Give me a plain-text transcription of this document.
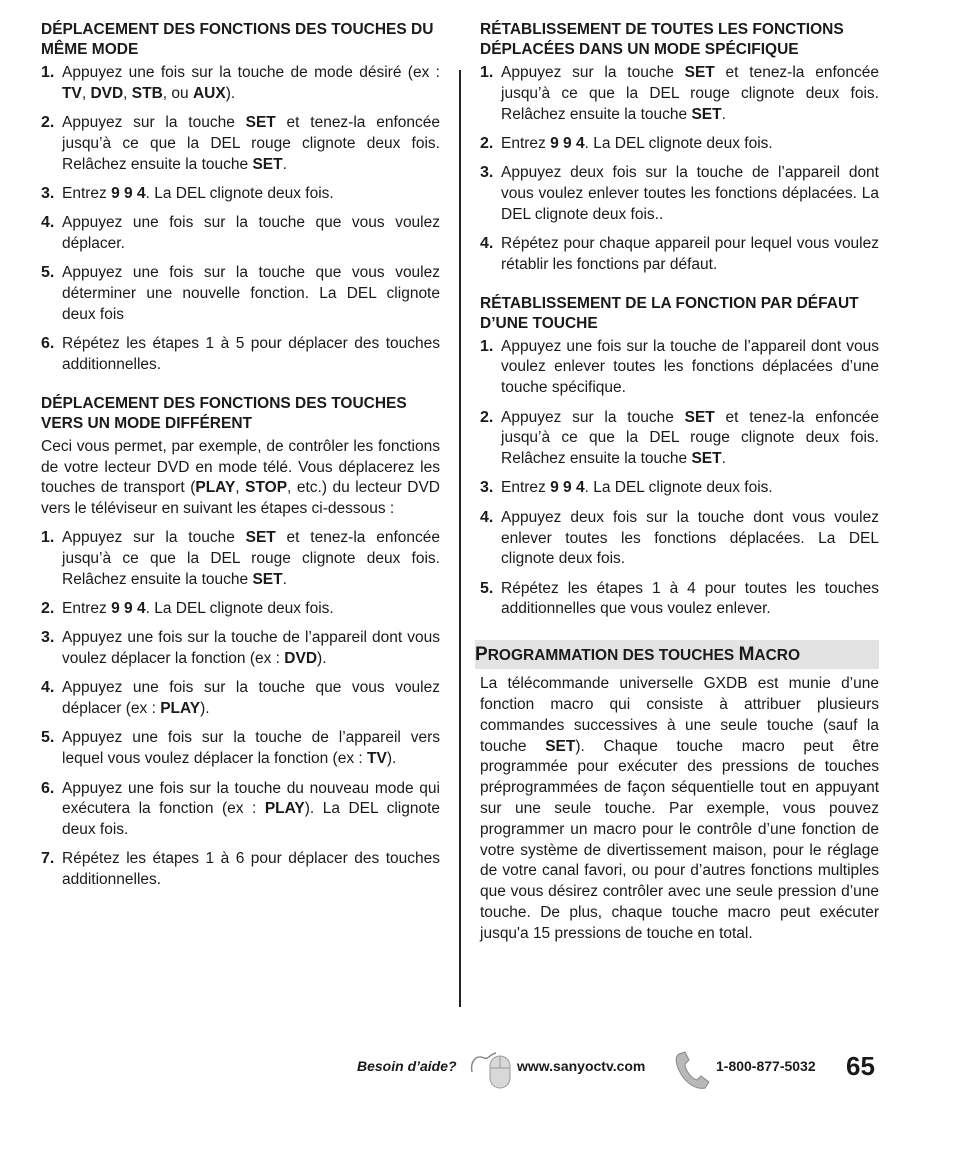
DÉPLACEMENT DES FONCTIONS DES TOUCHES DU MÊME MODE
1. Appuyez une fois sur la touche de mode désiré (ex : TV, DVD, STB, ou AUX).
2. Appuyez sur la touche SET et tenez-la enfoncée jusqu’à ce que la DEL rouge clignote deux fois. Relâchez ensuite la touche SET.
3. Entrez 9 9 4. La DEL clignote deux fois.
4. Appuyez une fois sur la touche que vous voulez déplacer.
5. Appuyez une fois sur la touche que vous voulez déterminer une nouvelle fonction. La DEL clignote deux fois
6. Répétez les étapes 1 à 5 pour déplacer des touches additionnelles.
DÉPLACEMENT DES FONCTIONS DES TOUCHES VERS UN MODE DIFFÉRENT

Ceci vous permet, par exemple, de contrôler les fonctions de votre lecteur DVD en mode télé. Vous déplacerez les touches de transport (PLAY, STOP, etc.) du lecteur DVD vers le téléviseur en suivant les étapes ci-dessous :

1. Appuyez sur la touche SET et tenez-la enfoncée jusqu’à ce que la DEL rouge clignote deux fois. Relâchez ensuite la touche SET.
2. Entrez 9 9 4. La DEL clignote deux fois.
3. Appuyez une fois sur la touche de l’appareil dont vous voulez déplacer la fonction (ex : DVD).
4. Appuyez une fois sur la touche que vous voulez déplacer (ex : PLAY).
5. Appuyez une fois sur la touche de l’appareil vers lequel vous voulez déplacer la fonction (ex : TV).
6. Appuyez une fois sur la touche du nouveau mode qui exécutera la fonction (ex : PLAY). La DEL clignote deux fois.
7. Répétez les étapes 1 à 6 pour déplacer des touches additionnelles.
RÉTABLISSEMENT DE TOUTES LES FONCTIONS DÉPLACÉES DANS UN MODE SPÉCIFIQUE
1. Appuyez sur la touche SET et tenez-la enfoncée jusqu’à ce que la DEL rouge clignote deux fois. Relâchez ensuite la touche SET.
2. Entrez 9 9 4. La DEL clignote deux fois.
3. Appuyez deux fois sur la touche de l’appareil dont vous voulez enlever toutes les fonctions déplacées. La DEL clignote deux fois..
4. Répétez pour chaque appareil pour lequel vous voulez rétablir les fonctions par défaut.
RÉTABLISSEMENT DE LA FONCTION PAR DÉFAUT D’UNE TOUCHE
1. Appuyez une fois sur la touche de l’appareil dont vous voulez enlever toutes les fonctions déplacées d’une touche spécifique.
2. Appuyez sur la touche SET et tenez-la enfoncée jusqu’à ce que la DEL rouge clignote deux fois. Relâchez ensuite la touche SET.
3. Entrez 9 9 4. La DEL clignote deux fois.
4. Appuyez deux fois sur la touche dont vous voulez enlever toutes les fonctions déplacées. La DEL clignote deux fois.
5. Répétez les étapes 1 à 4 pour toutes les touches additionnelles que vous voulez enlever.
PROGRAMMATION DES TOUCHES MACRO

La télécommande universelle GXDB est munie d’une fonction macro qui consiste à attribuer plusieurs commandes successives à une seule touche (sauf la touche SET). Chaque touche macro peut être programmée pour exécuter des pressions de touches préprogrammées de façon séquentielle tout en appuyant sur une seule touche. Par exemple, vous pouvez programmer un macro pour le contrôle d’une fonction de votre système de divertissement maison, pour le réglage de votre canal favori, ou pour d’autres fonctions multiples que vous désirez contrôler avec une seule pression d’une touche. De plus, chaque touche macro peut exécuter jusqu'a 15 pressions de touche en total.

Besoin d’aide?	www.sanyoctv.com	1-800-877-5032 65
